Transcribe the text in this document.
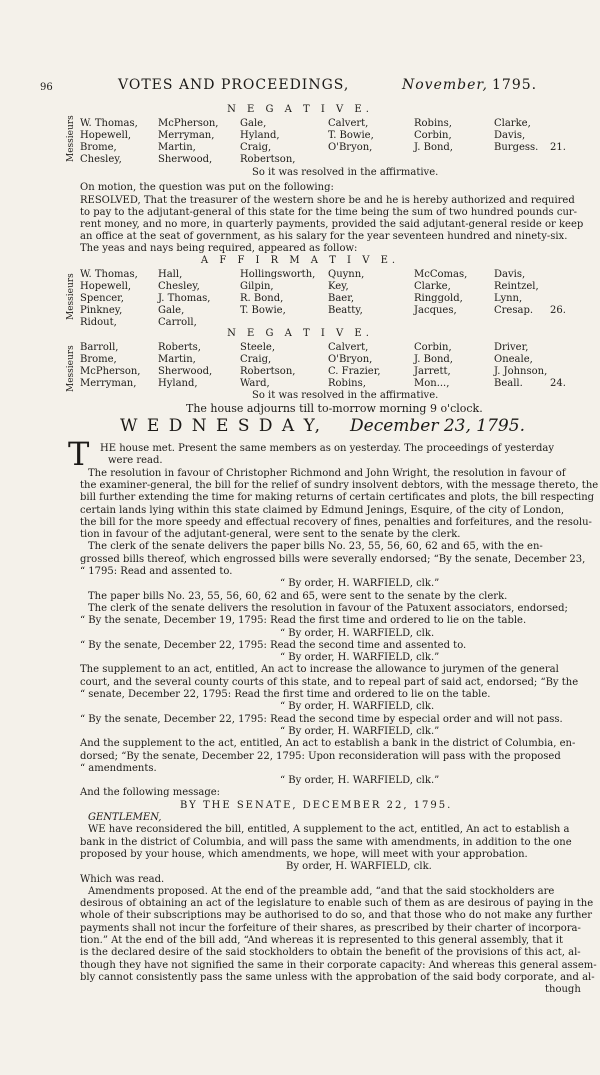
96	VOTES AND PROCEEDINGS,	November, 1795.
N E G A T I V E.
Messieurs W. Thomas, McPherson, Gale,	Calvert,	Robins,	Clarke,
Hopewell,	Merryman,	Hyland,	T. Bowie,	Corbin,	Davis,
Brome,	Martin,	Craig,	O'Bryon,	J. Bond,	Burgess. 21.
Chesley,	Sherwood,	Robertson,
So it was resolved in the affirmative.
On motion, the question was put on the following:
RESOLVED, That the treasurer of the western shore be and he is hereby authorized and required
to pay to the adjutant-general of this state for the time being the sum of two hundred pounds cur-
rent money, and no more, in quarterly payments, provided the said adjutant-general reside or keep
an office at the seat of government, as his salary for the year seventeen hundred and ninety-six.
The yeas and nays being required, appeared as follow:
A F F I R M A T I V E.
Messieurs W. Thomas, Hall,	Hollingsworth, Quynn,	McComas,	Davis,
Hopewell,	Chesley,	Gilpin,	Key,	Clarke,	Reintzel,
Spencer,	J. Thomas,	R. Bond,	Baer,	Ringgold,	Lynn,
Pinkney,	Gale,	T. Bowie,	Beatty,	Jacques,	Cresap. 26.
Ridout,	Carroll,
N E G A T I V E.
Messieurs Barroll,	Roberts,	Steele,	Calvert,	Corbin,	Driver,
Brome,	Martin,	Craig,	O'Bryon,	J. Bond,	Oneale,
McPherson, Sherwood,	Robertson,	C. Frazier,	Jarrett,	J. Johnson,
Merryman, Hyland,	Ward,	Robins,	Mon...,	Beall.	24.
So it was resolved in the affirmative.
The house adjourns till to-morrow morning 9 o'clock.
W E D N E S D A Y, December 23, 1795.
T HE house met. Present the same members as on yesterday. The proceedings of yesterday
were read.
The resolution in favour of Christopher Richmond and John Wright, the resolution in favour of
the examiner-general, the bill for the relief of sundry insolvent debtors, with the message thereto, the
bill further extending the time for making returns of certain certificates and plots, the bill respecting
certain lands lying within this state claimed by Edmund Jenings, Esquire, of the city of London,
the bill for the more speedy and effectual recovery of fines, penalties and forfeitures, and the resolu-
tion in favour of the adjutant-general, were sent to the senate by the clerk.
The clerk of the senate delivers the paper bills No. 23, 55, 56, 60, 62 and 65, with the en-
grossed bills thereof, which engrossed bills were severally endorsed; “By the senate, December 23,
“ 1795: Read and assented to.
“ By order, H. WARFIELD, clk.”
The paper bills No. 23, 55, 56, 60, 62 and 65, were sent to the senate by the clerk.
The clerk of the senate delivers the resolution in favour of the Patuxent associators, endorsed;
“ By the senate, December 19, 1795: Read the first time and ordered to lie on the table.
“ By order, H. WARFIELD, clk.
“ By the senate, December 22, 1795: Read the second time and assented to.
“ By order, H. WARFIELD, clk.”
The supplement to an act, entitled, An act to increase the allowance to jurymen of the general
court, and the several county courts of this state, and to repeal part of said act, endorsed; “By the
“ senate, December 22, 1795: Read the first time and ordered to lie on the table.
“ By order, H. WARFIELD, clk.
“ By the senate, December 22, 1795: Read the second time by especial order and will not pass.
“ By order, H. WARFIELD, clk.”
And the supplement to the act, entitled, An act to establish a bank in the district of Columbia, en-
dorsed; “By the senate, December 22, 1795: Upon reconsideration will pass with the proposed
“ amendments.
“ By order, H. WARFIELD, clk.”
And the following message:
BY THE SENATE, DECEMBER 22, 1795.
GENTLEMEN,
WE have reconsidered the bill, entitled, A supplement to the act, entitled, An act to establish a
bank in the district of Columbia, and will pass the same with amendments, in addition to the one
proposed by your house, which amendments, we hope, will meet with your approbation.
By order, H. WARFIELD, clk.
Which was read.
Amendments proposed. At the end of the preamble add, “and that the said stockholders are
desirous of obtaining an act of the legislature to enable such of them as are desirous of paying in the
whole of their subscriptions may be authorised to do so, and that those who do not make any further
payments shall not incur the forfeiture of their shares, as prescribed by their charter of incorpora-
tion.” At the end of the bill add, “And whereas it is represented to this general assembly, that it
is the declared desire of the said stockholders to obtain the benefit of the provisions of this act, al-
though they have not signified the same in their corporate capacity: And whereas this general assem-
bly cannot consistently pass the same unless with the approbation of the said body corporate, and al-
though
